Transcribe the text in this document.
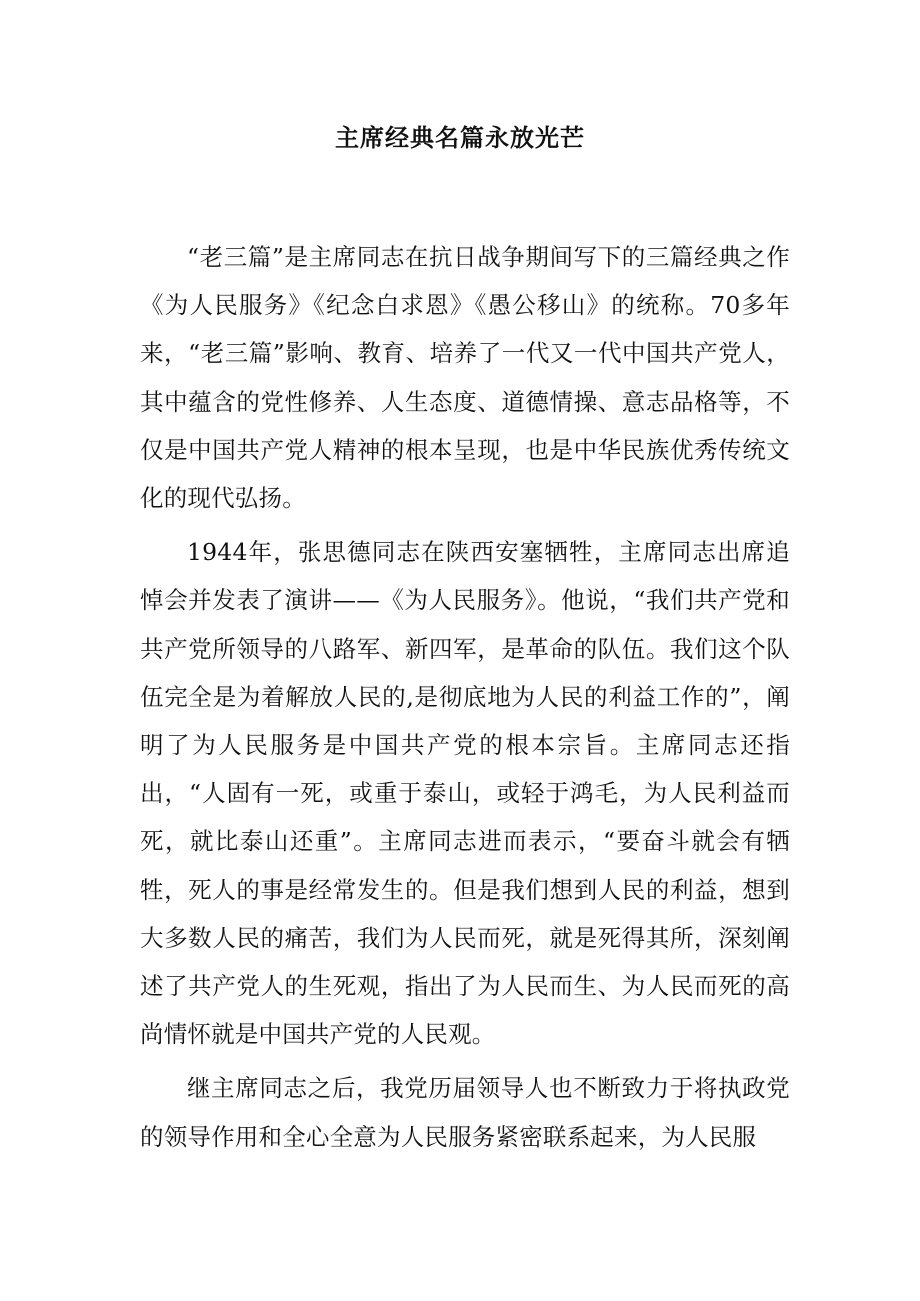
主席经典名篇永放光芒

“老三篇”是主席同志在抗日战争期间写下的三篇经典之作《为人民服务》《纪念白求恩》《愚公移山》的统称。70多年来，“老三篇”影响、教育、培养了一代又一代中国共产党人，其中蕴含的党性修养、人生态度、道德情操、意志品格等，不仅是中国共产党人精神的根本呈现，也是中华民族优秀传统文化的现代弘扬。

1944年，张思德同志在陕西安塞牺牲，主席同志出席追悼会并发表了演讲——《为人民服务》。他说，“我们共产党和共产党所领导的八路军、新四军，是革命的队伍。我们这个队伍完全是为着解放人民的,是彻底地为人民的利益工作的”，阐明了为人民服务是中国共产党的根本宗旨。主席同志还指出，“人固有一死，或重于泰山，或轻于鸿毛，为人民利益而死，就比泰山还重”。主席同志进而表示，“要奋斗就会有牺牲，死人的事是经常发生的。但是我们想到人民的利益，想到大多数人民的痛苦，我们为人民而死，就是死得其所，深刻阐述了共产党人的生死观，指出了为人民而生、为人民而死的高尚情怀就是中国共产党的人民观。

继主席同志之后，我党历届领导人也不断致力于将执政党的领导作用和全心全意为人民服务紧密联系起来，为人民服
